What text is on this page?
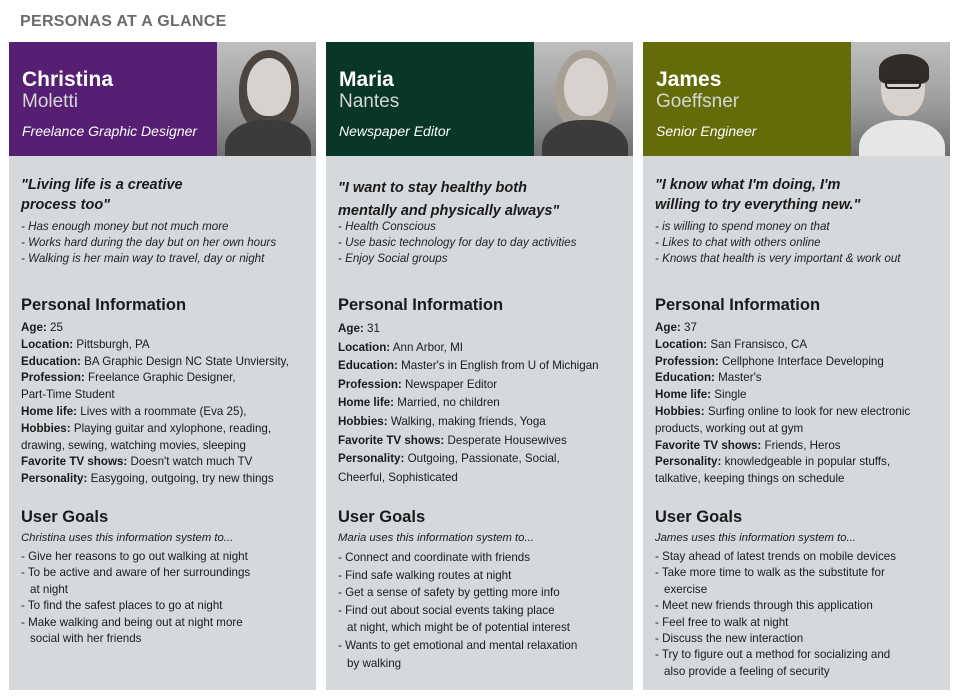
PERSONAS AT A GLANCE
Christina
Moletti
Freelance Graphic Designer
"Living life is a creative
process too"
- Has enough money but not much more
- Works hard during the day but on her own hours
- Walking is her main way to travel, day or night
Personal Information
Age: 25
Location: Pittsburgh, PA
Education: BA Graphic Design NC State Unviersity,
Profession: Freelance Graphic Designer,
Part-Time Student
Home life: Lives with a roommate (Eva 25),
Hobbies: Playing guitar and xylophone, reading,
drawing, sewing, watching movies, sleeping
Favorite TV shows: Doesn't watch much TV
Personality: Easygoing, outgoing, try new things
User Goals
Christina uses this information system to...
- Give her reasons to go out walking at night
- To be active and aware of her surroundings
at night
- To find the safest places to go at night
- Make walking and being out at night more
social with her friends
Maria
Nantes
Newspaper Editor
"I want to stay healthy both
mentally and physically always"
- Health Conscious
- Use basic technology for day to day activities
- Enjoy Social groups
Personal Information
Age: 31
Location: Ann Arbor, MI
Education: Master's in English from U of Michigan
Profession: Newspaper Editor
Home life: Married, no children
Hobbies: Walking, making friends, Yoga
Favorite TV shows: Desperate Housewives
Personality: Outgoing, Passionate, Social,
Cheerful, Sophisticated
User Goals
Maria uses this information system to...
- Connect and coordinate with friends
- Find safe walking routes at night
- Get a sense of safety by getting more info
- Find out about social events taking place
at night, which might be of potential interest
- Wants to get emotional and mental relaxation
by walking
James
Goeffsner
Senior Engineer
"I know what I'm doing, I'm
willing to try everything new."
- is willing to spend money on that
- Likes to chat with others online
- Knows that health is very important & work out
Personal Information
Age: 37
Location: San Fransisco, CA
Profession: Cellphone Interface Developing
Education: Master's
Home life: Single
Hobbies: Surfing online to look for new electronic
products, working out at gym
Favorite TV shows: Friends, Heros
Personality: knowledgeable in popular stuffs,
talkative, keeping things on schedule
User Goals
James uses this information system to...
- Stay ahead of latest trends on mobile devices
- Take more time to walk as the substitute for
exercise
- Meet new friends through this application
- Feel free to walk at night
- Discuss the new interaction
- Try to figure out a method for socializing and
also provide a feeling of security
